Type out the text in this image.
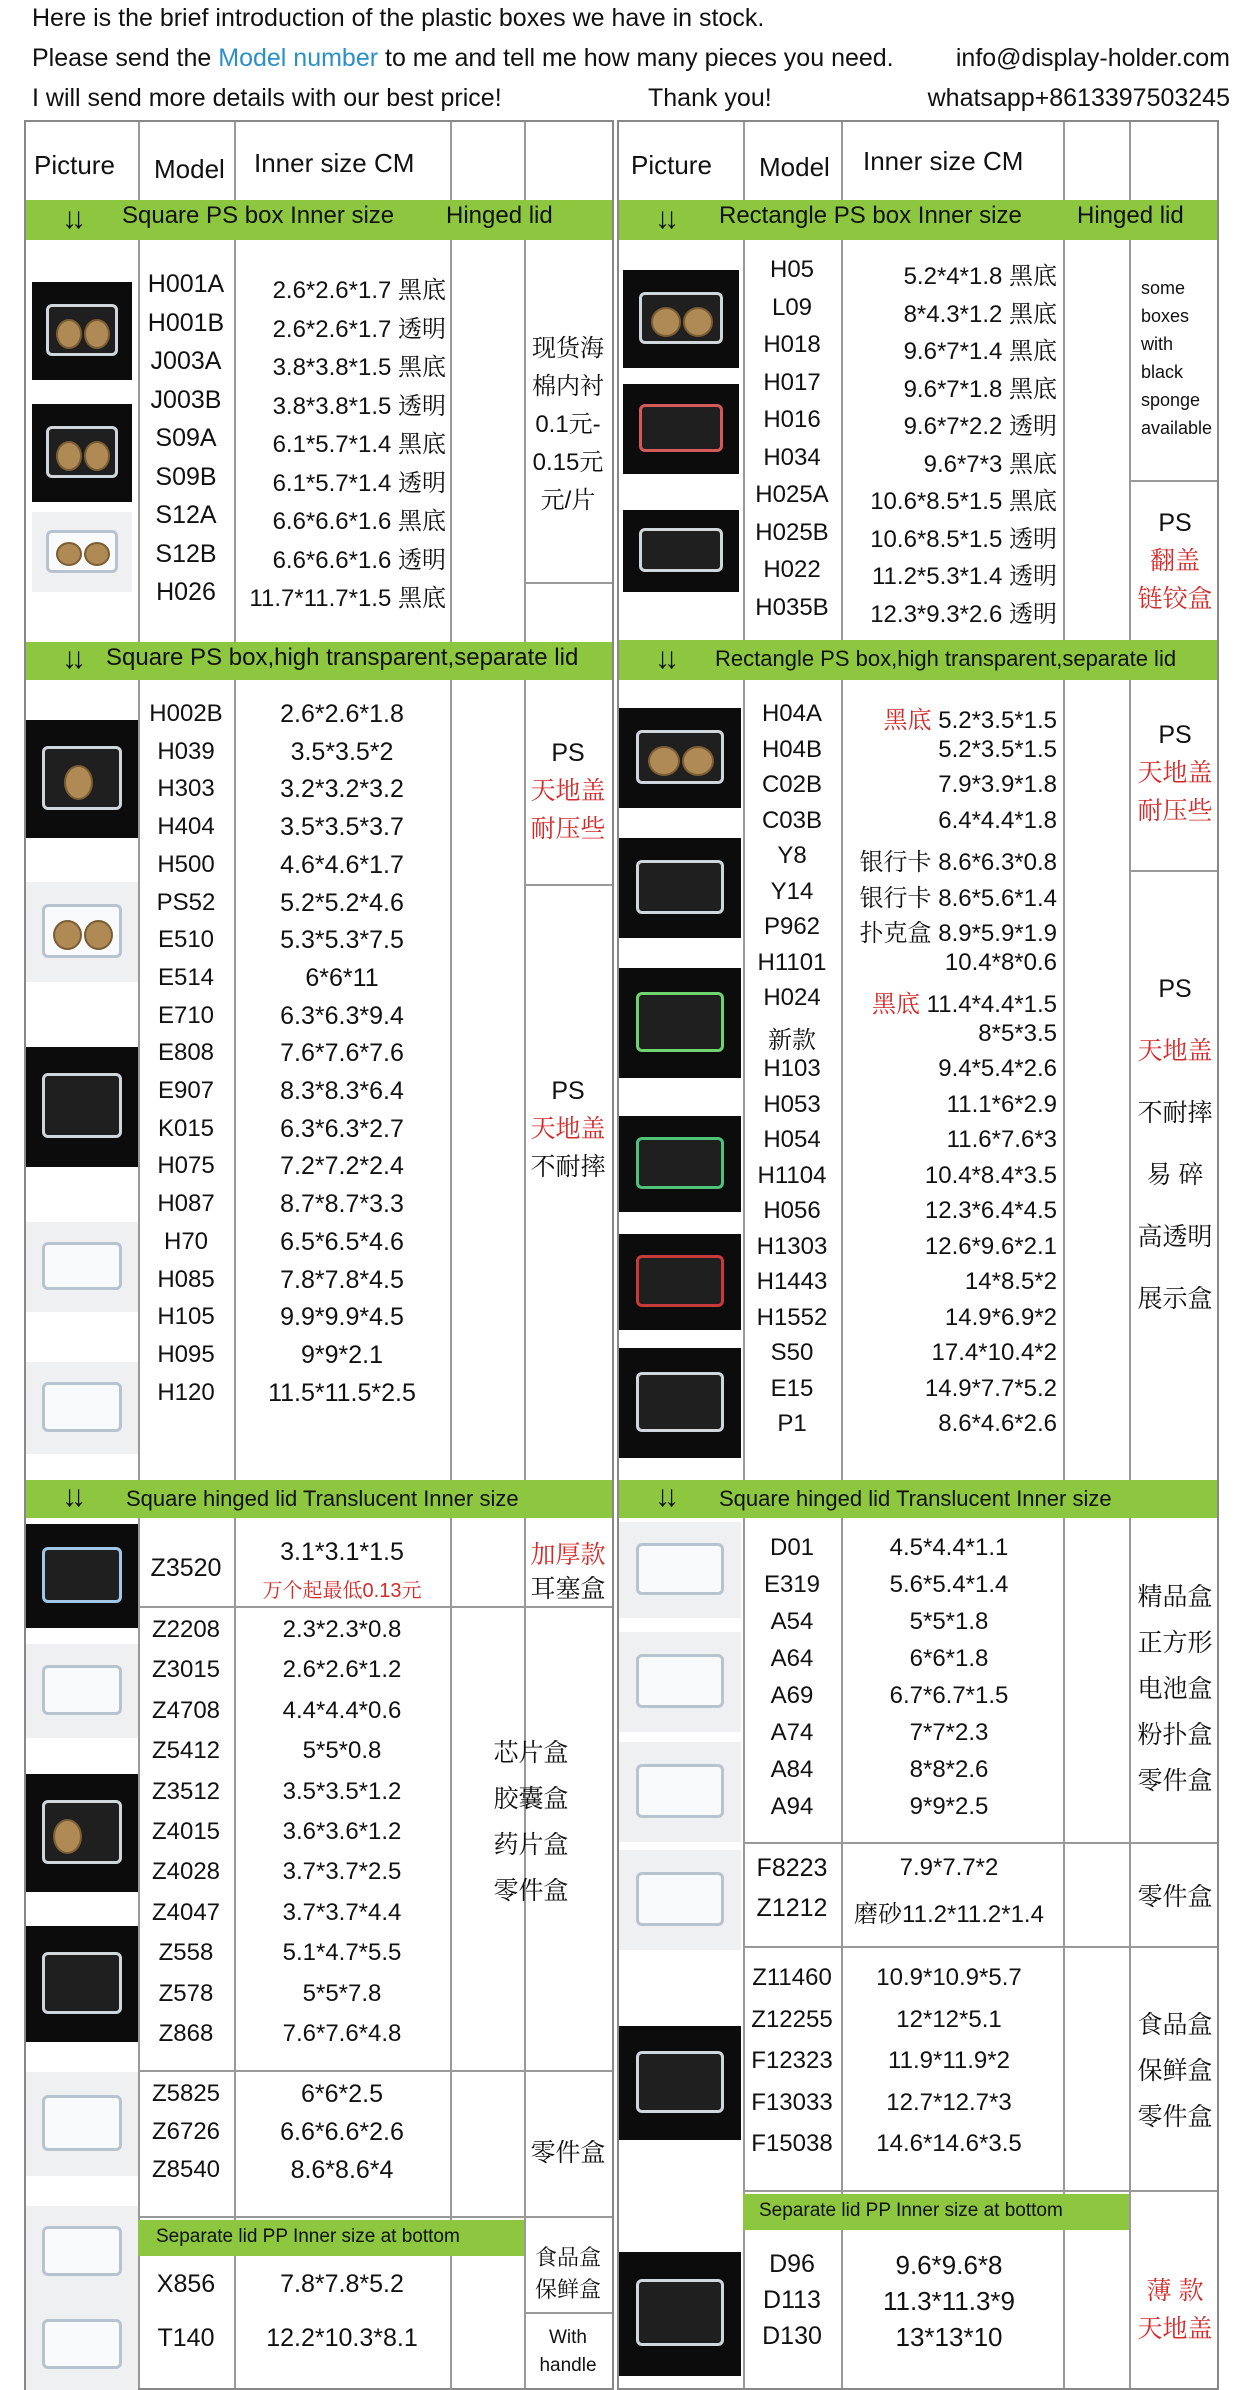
Here is the brief introduction of the plastic boxes we have in stock.
Please send the Model number to me and tell me how many pieces you need. info@display-holder.com
I will send more details with our best price!	Thank you!	whatsapp+8613397503245
Picture Model Inner size CM
↓↓ Square PS box Inner size Hinged lid
H001A
H001B
J003A
J003B
S09A
S09B
S12A
S12B
H026
2.6*2.6*1.7 黑底
2.6*2.6*1.7 透明
3.8*3.8*1.5 黑底
3.8*3.8*1.5 透明
6.1*5.7*1.4 黑底
6.1*5.7*1.4 透明
6.6*6.6*1.6 黑底
6.6*6.6*1.6 透明
11.7*11.7*1.5 黑底
现货海
棉内衬
0.1元-
0.15元
元/片
↓↓ Square PS box,high transparent,separate lid
H002B
H039
H303
H404
H500
PS52
E510
E514
E710
E808
E907
K015
H075
H087
H70
H085
H105
H095
H120
2.6*2.6*1.8
3.5*3.5*2
3.2*3.2*3.2
3.5*3.5*3.7
4.6*4.6*1.7
5.2*5.2*4.6
5.3*5.3*7.5
6*6*11
6.3*6.3*9.4
7.6*7.6*7.6
8.3*8.3*6.4
6.3*6.3*2.7
7.2*7.2*2.4
8.7*8.7*3.3
6.5*6.5*4.6
7.8*7.8*4.5
9.9*9.9*4.5
9*9*2.1
11.5*11.5*2.5
PS
天地盖
耐压些
PS
天地盖
不耐摔
↓↓ Square hinged lid Translucent Inner size
Z3520
3.1*3.1*1.5
万个起最低0.13元
加厚款
耳塞盒
Z2208
Z3015
Z4708
Z5412
Z3512
Z4015
Z4028
Z4047
Z558
Z578
Z868
2.3*2.3*0.8
2.6*2.6*1.2
4.4*4.4*0.6
5*5*0.8
3.5*3.5*1.2
3.6*3.6*1.2
3.7*3.7*2.5
3.7*3.7*4.4
5.1*4.7*5.5
5*5*7.8
7.6*7.6*4.8
芯片盒
胶囊盒
药片盒
零件盒
Z5825
Z6726
Z8540
6*6*2.5
6.6*6.6*2.6
8.6*8.6*4
零件盒
Separate lid PP Inner size at bottom
X856
T140
7.8*7.8*5.2
12.2*10.3*8.1
食品盒
保鲜盒
With
handle
Picture Model Inner size CM
↓↓ Rectangle PS box Inner size Hinged lid
H05
L09
H018
H017
H016
H034
H025A
H025B
H022
H035B
5.2*4*1.8 黑底
8*4.3*1.2 黑底
9.6*7*1.4 黑底
9.6*7*1.8 黑底
9.6*7*2.2 透明
9.6*7*3 黑底
10.6*8.5*1.5 黑底
10.6*8.5*1.5 透明
11.2*5.3*1.4 透明
12.3*9.3*2.6 透明
some
boxes
with
black
sponge
available
PS
翻盖
链铰盒
↓↓ Rectangle PS box,high transparent,separate lid
H04A
H04B
C02B
C03B
Y8
Y14
P962
H1101
H024
新款
H103
H053
H054
H1104
H056
H1303
H1443
H1552
S50
E15
P1
黑底 5.2*3.5*1.5
5.2*3.5*1.5
7.9*3.9*1.8
6.4*4.4*1.8
银行卡 8.6*6.3*0.8
银行卡 8.6*5.6*1.4
扑克盒 8.9*5.9*1.9
10.4*8*0.6
黑底 11.4*4.4*1.5
8*5*3.5
9.4*5.4*2.6
11.1*6*2.9
11.6*7.6*3
10.4*8.4*3.5
12.3*6.4*4.5
12.6*9.6*2.1
14*8.5*2
14.9*6.9*2
17.4*10.4*2
14.9*7.7*5.2
8.6*4.6*2.6
PS
天地盖
耐压些
PS
天地盖
不耐摔
易 碎
高透明
展示盒
↓↓ Square hinged lid Translucent Inner size
D01
E319
A54
A64
A69
A74
A84
A94
4.5*4.4*1.1
5.6*5.4*1.4
5*5*1.8
6*6*1.8
6.7*6.7*1.5
7*7*2.3
8*8*2.6
9*9*2.5
精品盒
正方形
电池盒
粉扑盒
零件盒
F8223
Z1212
7.9*7.7*2
磨砂11.2*11.2*1.4
零件盒
Z11460
Z12255
F12323
F13033
F15038
10.9*10.9*5.7
12*12*5.1
11.9*11.9*2
12.7*12.7*3
14.6*14.6*3.5
食品盒
保鲜盒
零件盒
Separate lid PP Inner size at bottom
D96
D113
D130
9.6*9.6*8
11.3*11.3*9
13*13*10
薄 款
天地盖
